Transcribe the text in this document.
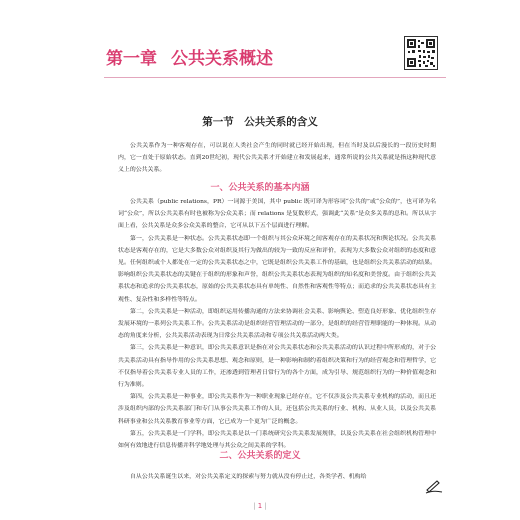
第一章 公共关系概述
第一节　公共关系的含义

公共关系作为一种客观存在，可以说在人类社会产生的同时就已经开始出现，但在当时及以后漫长的一段历史时期内，它一直处于原始状态。直到20世纪初，现代公共关系才开始建立和发展起来，通常所说的公共关系就是指这种现代意义上的公共关系。

一、公共关系的基本内涵

公共关系（public relations，PR）一词源于美国，其中 public 既可译为形容词“公共的”或“公众的”，也可译为名词“公众”，所以公共关系有时也被称为公众关系；而 relations 是复数形式，强调此“关系”是众多关系的总和。所以从字面上看，公共关系是众多公众关系的整合，它可从以下五个层面进行理解。

第一，公共关系是一种状态。公共关系状态即一个组织与其公众环境之间客观存在的关系状况和舆论状况。公共关系状态是客观存在的，它是大多数公众对组织及其行为做出的较为一致的反应和评价，表现为大多数公众对组织的态度和意见。任何组织或个人都处在一定的公共关系状态之中，它既是组织公共关系工作的基础，也是组织公共关系活动的结果。影响组织公共关系状态的关键在于组织的形象和声誉，组织公共关系状态表现为组织的知名度和美誉度。由于组织公共关系状态和追求的公共关系状态，原始的公共关系状态具有单纯性、自然性和客观性等特点；而追求的公共关系状态具有主观性、复杂性和多样性等特点。

第二，公共关系是一种活动，即组织运用传播沟通的方法来协调社会关系、影响舆论、塑造良好形象、优化组织生存发展环境的一系列公共关系工作。公共关系活动是组织经营管理活动的一部分，是组织的经营管理职能的一种体现。从动态的角度来分析，公共关系活动表现为日常公共关系活动和专项公共关系活动两大类。

第三，公共关系是一种意识，即公共关系意识是指在对公共关系状态和公共关系活动的认识过程中所形成的，对于公共关系活动具有指导作用的公共关系思想、观念和原则，是一种影响和制约着组织决策和行为的经营观念和管理哲学，它不仅指导着公共关系专业人员的工作，还渗透到管理者日常行为的各个方面，成为引导、规范组织行为的一种价值观念和行为准则。

第四，公共关系是一种事业，即公共关系作为一种职业现象已经存在，它不仅涉及公共关系专业机构的活动，而且还涉及组织内部的公共关系部门和专门从事公共关系工作的人员，还包括公共关系的行业、机构、从业人员，以及公共关系科研事业和公共关系教育事业等方面，它已成为一个更为广泛的概念。

第五，公共关系是一门学科，即公共关系是以一门系统研究公共关系发展规律，以及公共关系在社会组织机构管理中如何有效地进行信息传播并科学地处理与其公众之间关系的学科。

二、公共关系的定义

自从公共关系诞生以来，对公共关系定义的探索与努力就从没有停止过，各类学者、机构给

| 1 |
